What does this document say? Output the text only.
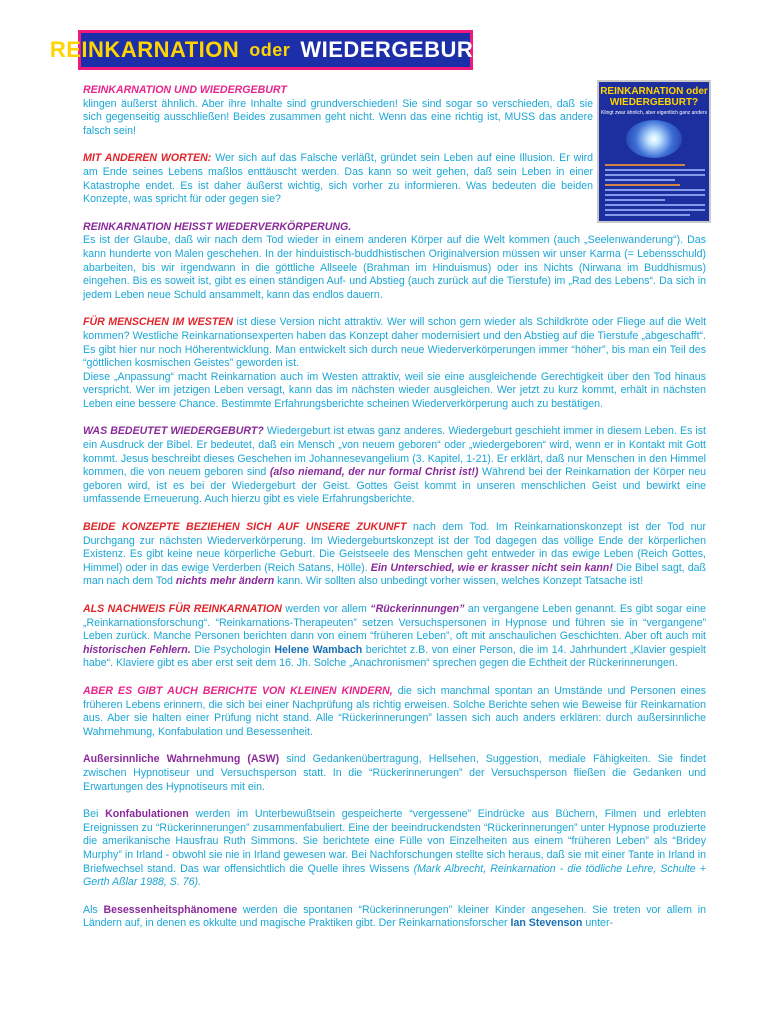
REINKARNATION oder WIEDERGEBURT?
REINKARNATION oder WIEDERGEBURT?
Klingt zwar ähnlich, aber eigentlich ganz anders

REINKARNATION UND WIEDERGEBURT
klingen äußerst ähnlich. Aber ihre Inhalte sind grundverschieden! Sie sind sogar so verschieden, daß sie sich gegenseitig ausschließen! Beides zusammen geht nicht. Wenn das eine richtig ist, MUSS das andere falsch sein!

MIT ANDEREN WORTEN: Wer sich auf das Falsche verläßt, gründet sein Leben auf eine Illusion. Er wird am Ende seines Lebens maßlos enttäuscht werden. Das kann so weit gehen, daß sein Leben in einer Katastrophe endet. Es ist daher äußerst wichtig, sich vorher zu informieren. Was bedeuten die beiden Konzepte, was spricht für oder gegen sie?

REINKARNATION HEISST WIEDERVERKÖRPERUNG.
Es ist der Glaube, daß wir nach dem Tod wieder in einem anderen Körper auf die Welt kommen (auch „Seelenwanderung“). Das kann hunderte von Malen geschehen. In der hinduistisch-buddhistischen Originalversion müssen wir unser Karma (= Lebensschuld) abarbeiten, bis wir irgendwann in die göttliche Allseele (Brahman im Hinduismus) oder ins Nichts (Nirwana im Buddhismus) eingehen. Bis es soweit ist, gibt es einen ständigen Auf- und Abstieg (auch zurück auf die Tierstufe) im „Rad des Lebens“. Da sich in jedem Leben neue Schuld ansammelt, kann das endlos dauern.

FÜR MENSCHEN IM WESTEN ist diese Version nicht attraktiv. Wer will schon gern wieder als Schildkröte oder Fliege auf die Welt kommen? Westliche Reinkarnationsexperten haben das Konzept daher modernisiert und den Abstieg auf die Tierstufe „abgeschafft“. Es gibt hier nur noch Höherentwicklung. Man entwickelt sich durch neue Wiederverkörperungen immer “höher”, bis man ein Teil des “göttlichen kosmischen Geistes” geworden ist.
Diese „Anpassung“ macht Reinkarnation auch im Westen attraktiv, weil sie eine ausgleichende Gerechtigkeit über den Tod hinaus verspricht. Wer im jetzigen Leben versagt, kann das im nächsten wieder ausgleichen. Wer jetzt zu kurz kommt, erhält in nächsten Leben eine bessere Chance. Bestimmte Erfahrungsberichte scheinen Wiederverkörperung auch zu bestätigen.

WAS BEDEUTET WIEDERGEBURT? Wiedergeburt ist etwas ganz anderes. Wiedergeburt geschieht immer in diesem Leben. Es ist ein Ausdruck der Bibel. Er bedeutet, daß ein Mensch „von neuem geboren“ oder „wiedergeboren“ wird, wenn er in Kontakt mit Gott kommt. Jesus beschreibt dieses Geschehen im Johannesevangelium (3. Kapitel, 1-21). Er erklärt, daß nur Menschen in den Himmel kommen, die von neuem geboren sind (also niemand, der nur formal Christ ist!) Während bei der Reinkarnation der Körper neu geboren wird, ist es bei der Wiedergeburt der Geist. Gottes Geist kommt in unseren menschlichen Geist und bewirkt eine umfassende Erneuerung. Auch hierzu gibt es viele Erfahrungsberichte.

BEIDE KONZEPTE BEZIEHEN SICH AUF UNSERE ZUKUNFT nach dem Tod. Im Reinkarnationskonzept ist der Tod nur Durchgang zur nächsten Wiederverkörperung. Im Wiedergeburtskonzept ist der Tod dagegen das völlige Ende der körperlichen Existenz. Es gibt keine neue körperliche Geburt. Die Geistseele des Menschen geht entweder in das ewige Leben (Reich Gottes, Himmel) oder in das ewige Verderben (Reich Satans, Hölle). Ein Unterschied, wie er krasser nicht sein kann! Die Bibel sagt, daß man nach dem Tod nichts mehr ändern kann. Wir sollten also unbedingt vorher wissen, welches Konzept Tatsache ist!

ALS NACHWEIS FÜR REINKARNATION werden vor allem “Rückerinnungen” an vergangene Leben genannt. Es gibt sogar eine „Reinkarnationsforschung“. “Reinkarnations-Therapeuten” setzen Versuchspersonen in Hypnose und führen sie in “vergangene” Leben zurück. Manche Personen berichten dann von einem “früheren Leben”, oft mit anschaulichen Geschichten. Aber oft auch mit historischen Fehlern. Die Psychologin Helene Wambach berichtet z.B. von einer Person, die im 14. Jahrhundert „Klavier gespielt habe“. Klaviere gibt es aber erst seit dem 16. Jh. Solche „Anachronismen“ sprechen gegen die Echtheit der Rückerinnerungen.

ABER ES GIBT AUCH BERICHTE VON KLEINEN KINDERN, die sich manchmal spontan an Umstände und Personen eines früheren Lebens erinnern, die sich bei einer Nachprüfung als richtig erweisen. Solche Berichte sehen wie Beweise für Reinkarnation aus. Aber sie halten einer Prüfung nicht stand. Alle “Rückerinnerungen” lassen sich auch anders erklären: durch außersinnliche Wahrnehmung, Konfabulation und Besessenheit.

Außersinnliche Wahrnehmung (ASW) sind Gedankenübertragung, Hellsehen, Suggestion, mediale Fähigkeiten. Sie findet zwischen Hypnotiseur und Versuchsperson statt. In die “Rückerinnerungen” der Versuchsperson fließen die Gedanken und Erwartungen des Hypnotiseurs mit ein.

Bei Konfabulationen werden im Unterbewußtsein gespeicherte “vergessene” Eindrücke aus Büchern, Filmen und erlebten Ereignissen zu “Rückerinnerungen” zusammenfabuliert. Eine der beeindruckendsten “Rückerinnerungen” unter Hypnose produzierte die amerikanische Hausfrau Ruth Simmons. Sie berichtete eine Fülle von Einzelheiten aus einem “früheren Leben” als “Bridey Murphy” in Irland - obwohl sie nie in Irland gewesen war. Bei Nachforschungen stellte sich heraus, daß sie mit einer Tante in Irland in Briefwechsel stand. Das war offensichtlich die Quelle ihres Wissens (Mark Albrecht, Reinkarnation - die tödliche Lehre, Schulte + Gerth Aßlar 1988, S. 76).

Als Besessenheitsphänomene werden die spontanen “Rückerinnerungen” kleiner Kinder angesehen. Sie treten vor allem in Ländern auf, in denen es okkulte und magische Praktiken gibt. Der Reinkarnationsforscher Ian Stevenson unter-
